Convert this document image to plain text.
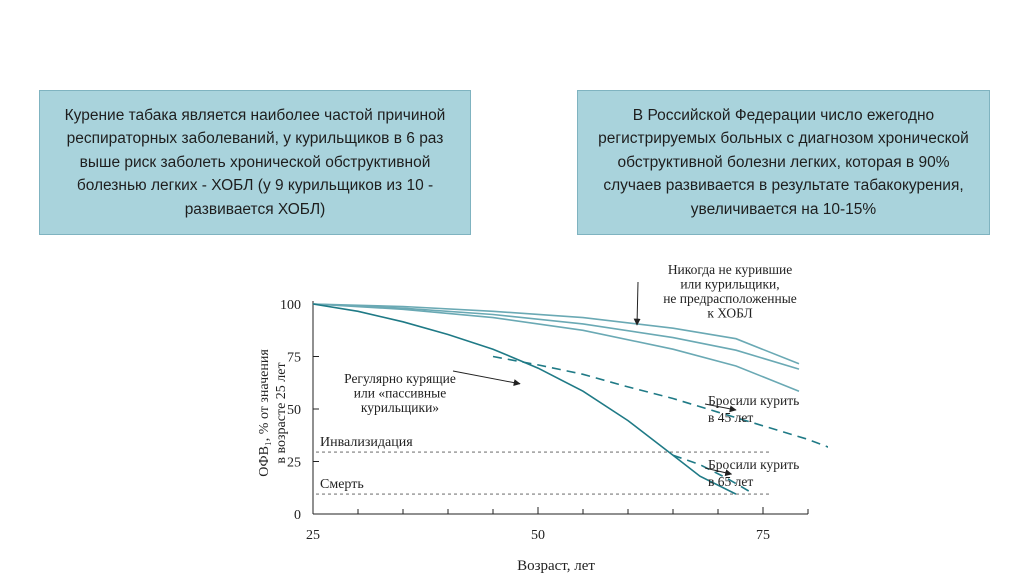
Курение табака является наиболее частой причиной респираторных заболеваний, у курильщиков в 6 раз выше риск заболеть хронической обструктивной болезнью легких - ХОБЛ (у 9 курильщиков из 10 - развивается ХОБЛ)
В Российской Федерации число ежегодно регистрируемых больных с диагнозом хронической обструктивной болезни легких, которая в 90% случаев развивается в результате табакокурения, увеличивается на 10-15%
25	50	75
0
25
50
75
100
Инвализидация
Смерть
Никогда не курившие или курильщики, не предрасположенные к ХОБЛ
Регулярно курящие или «пассивные курильщики»	Бросили курить в 45 лет
Бросили курить в 65 лет
Возраст, лет
ОФВ₁, % от значения в возрасте 25 лет
